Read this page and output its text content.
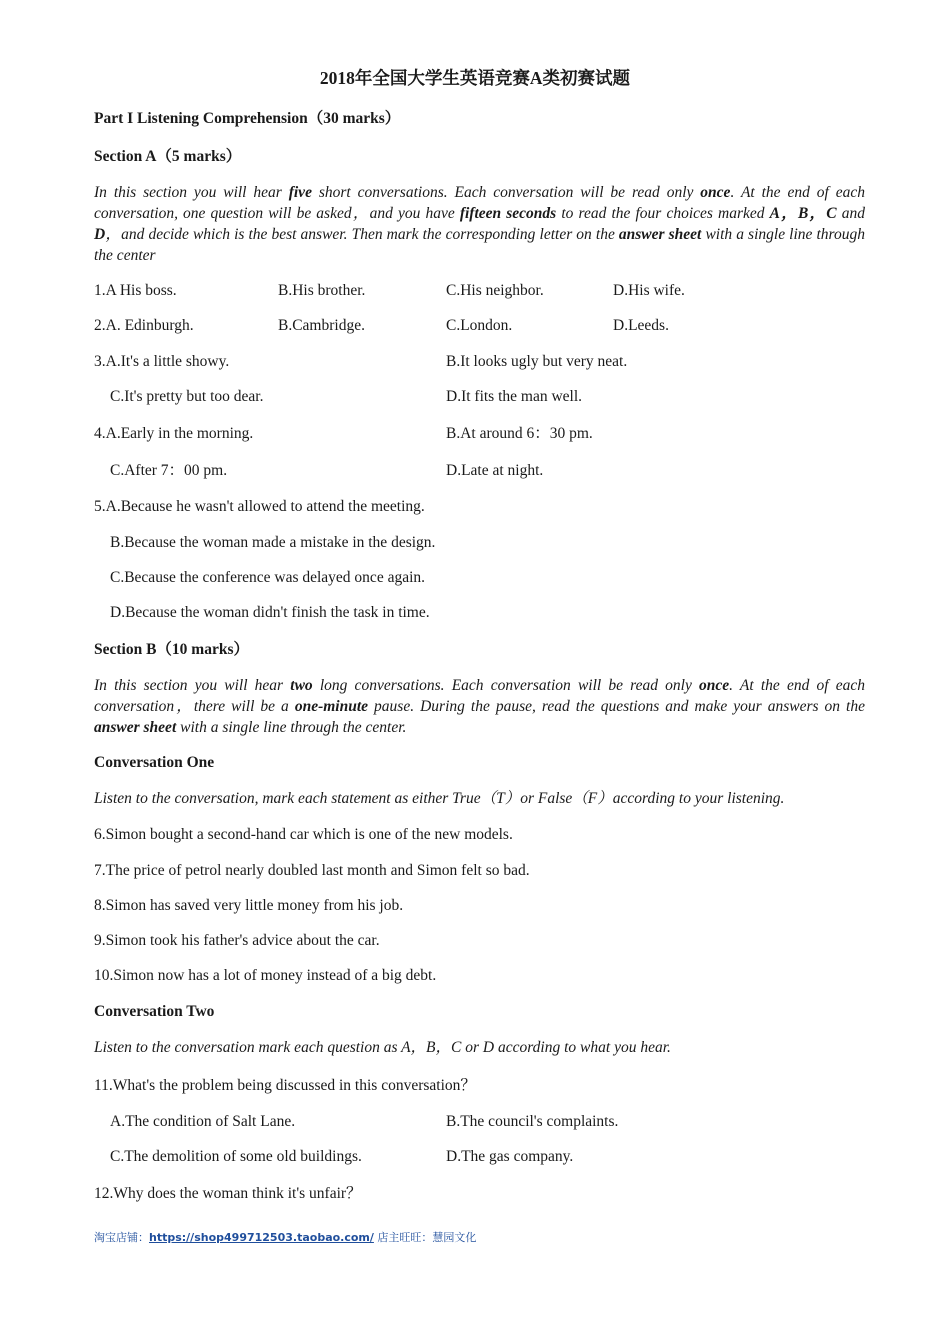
2018年全国大学生英语竞赛A类初赛试题
Part I Listening Comprehension（30 marks）
Section A（5 marks）
In this section you will hear five short conversations. Each conversation will be read only once. At the end of each conversation, one question will be asked，and you have fifteen seconds to read the four choices marked A，B，C and D，and decide which is the best answer. Then mark the corresponding letter on the answer sheet with a single line through the center
1.A His boss.	B.His brother.	C.His neighbor.	D.His wife.
2.A. Edinburgh.	B.Cambridge.	C.London.	D.Leeds.
3.A.It's a little showy.	B.It looks ugly but very neat.
C.It's pretty but too dear.	D.It fits the man well.
4.A.Early in the morning.	B.At around 6：30 pm.
C.After 7：00 pm.	D.Late at night.
5.A.Because he wasn't allowed to attend the meeting.
B.Because the woman made a mistake in the design.
C.Because the conference was delayed once again.
D.Because the woman didn't finish the task in time.
Section B（10 marks）
In this section you will hear two long conversations. Each conversation will be read only once. At the end of each conversation，there will be a one-minute pause. During the pause, read the questions and make your answers on the answer sheet with a single line through the center.
Conversation One
Listen to the conversation, mark each statement as either True（T）or False（F）according to your listening.
6.Simon bought a second-hand car which is one of the new models.
7.The price of petrol nearly doubled last month and Simon felt so bad.
8.Simon has saved very little money from his job.
9.Simon took his father's advice about the car.
10.Simon now has a lot of money instead of a big debt.
Conversation Two
Listen to the conversation mark each question as A，B，C or D according to what you hear.
11.What's the problem being discussed in this conversation？
A.The condition of Salt Lane.	B.The council's complaints.
C.The demolition of some old buildings.	D.The gas company.
12.Why does the woman think it's unfair？
淘宝店铺：https://shop499712503.taobao.com/ 店主旺旺：慧园文化
